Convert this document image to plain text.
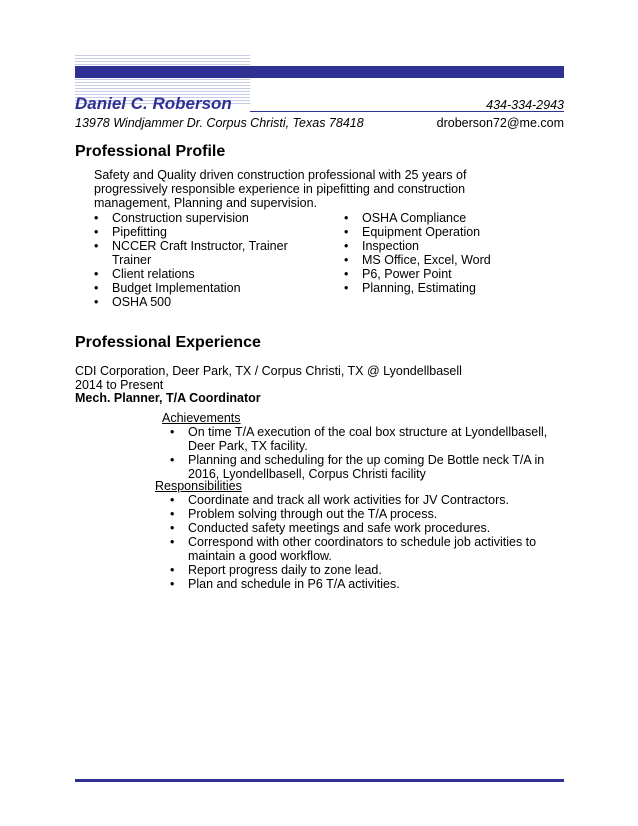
Daniel C. Roberson	434-334-2943
13978 Windjammer Dr. Corpus Christi, Texas 78418	droberson72@me.com
Professional Profile
Safety and Quality driven construction professional with 25 years of progressively responsible experience in pipefitting and construction management, Planning and supervision.
• Construction supervision
• Pipefitting
• NCCER Craft Instructor, Trainer Trainer
• Client relations
• Budget Implementation
• OSHA 500
• OSHA Compliance
• Equipment Operation
• Inspection
• MS Office, Excel, Word
• P6, Power Point
• Planning, Estimating
Professional Experience
CDI Corporation, Deer Park, TX / Corpus Christi, TX @ Lyondellbasell
2014 to Present
Mech. Planner, T/A Coordinator
Achievements
• On time T/A execution of the coal box structure at Lyondellbasell, Deer Park, TX facility.
• Planning and scheduling for the up coming De Bottle neck T/A in 2016, Lyondellbasell, Corpus Christi facility
Responsibilities
• Coordinate and track all work activities for JV Contractors.
• Problem solving through out the T/A process.
• Conducted safety meetings and safe work procedures.
• Correspond with other coordinators to schedule job activities to maintain a good workflow.
• Report progress daily to zone lead.
• Plan and schedule in P6 T/A activities.
